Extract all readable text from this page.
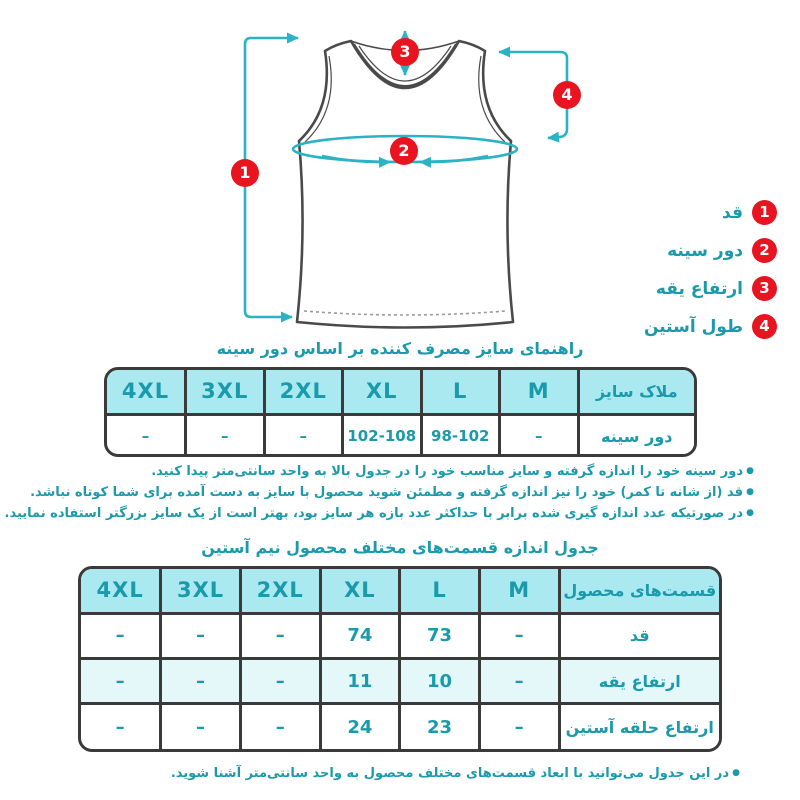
1
2
3
4
1
قد
2
دور سینه
3
ارتفاع یقه
4
طول آستین
راهنمای سایز مصرف کننده بر اساس دور سینه
ملاک سایز	M	L	XL	2XL	3XL	4XL
دور سینه	–	98-102	102-108	–	–	–
● دور سینه خود را اندازه گرفته و سایز مناسب خود را در جدول بالا به واحد سانتی‌متر پیدا کنید.
● قد (از شانه تا کمر) خود را نیز اندازه گرفته و مطمئن شوید محصول با سایز به دست آمده برای شما کوتاه نباشد.
● در صورتیکه عدد اندازه گیری شده برابر با حداکثر عدد بازه هر سایز بود، بهتر است از یک سایز بزرگتر استفاده نمایید.
جدول اندازه قسمت‌های مختلف محصول نیم آستین
قسمت‌های محصول	M	L	XL	2XL	3XL	4XL
قد	–	73	74	–	–	–
ارتفاع یقه	–	10	11	–	–	–
ارتفاع حلقه آستین	–	23	24	–	–	–
● در این جدول می‌توانید با ابعاد قسمت‌های مختلف محصول به واحد سانتی‌متر آشنا شوید.
